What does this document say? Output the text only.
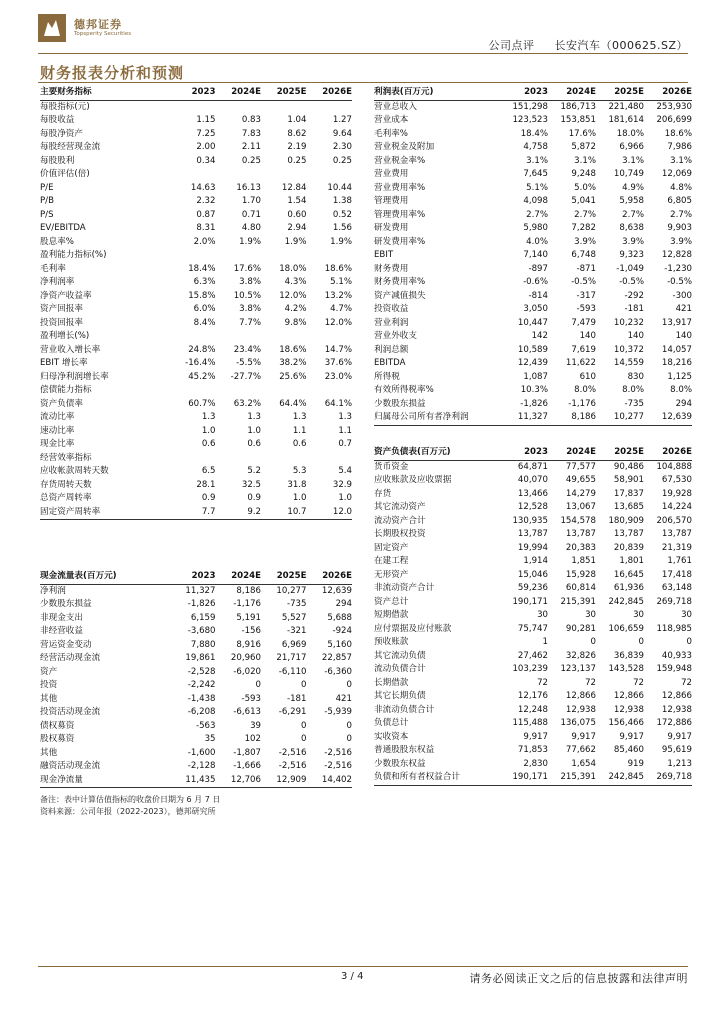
德邦证券
Topsperity Securities
公司点评 长安汽车（000625.SZ）
财务报表分析和预测
主要财务指标	2023	2024E	2025E	2026E
每股指标(元)
每股收益	1.15	0.83	1.04	1.27
每股净资产	7.25	7.83	8.62	9.64
每股经营现金流	2.00	2.11	2.19	2.30
每股股利	0.34	0.25	0.25	0.25
价值评估(倍)
P/E	14.63	16.13	12.84	10.44
P/B	2.32	1.70	1.54	1.38
P/S	0.87	0.71	0.60	0.52
EV/EBITDA	8.31	4.80	2.94	1.56
股息率%	2.0%	1.9%	1.9%	1.9%
盈利能力指标(%)
毛利率	18.4%	17.6%	18.0%	18.6%
净利润率	6.3%	3.8%	4.3%	5.1%
净资产收益率	15.8%	10.5%	12.0%	13.2%
资产回报率	6.0%	3.8%	4.2%	4.7%
投资回报率	8.4%	7.7%	9.8%	12.0%
盈利增长(%)
营业收入增长率	24.8%	23.4%	18.6%	14.7%
EBIT 增长率	-16.4%	-5.5%	38.2%	37.6%
归母净利润增长率	45.2%	-27.7%	25.6%	23.0%
偿债能力指标
资产负债率	60.7%	63.2%	64.4%	64.1%
流动比率	1.3	1.3	1.3	1.3
速动比率	1.0	1.0	1.1	1.1
现金比率	0.6	0.6	0.6	0.7
经营效率指标
应收帐款周转天数	6.5	5.2	5.3	5.4
存货周转天数	28.1	32.5	31.8	32.9
总资产周转率	0.9	0.9	1.0	1.0
固定资产周转率	7.7	9.2	10.7	12.0
现金流量表(百万元)	2023	2024E	2025E	2026E
净利润	11,327	8,186	10,277	12,639
少数股东损益	-1,826	-1,176	-735	294
非现金支出	6,159	5,191	5,527	5,688
非经营收益	-3,680	-156	-321	-924
营运资金变动	7,880	8,916	6,969	5,160
经营活动现金流	19,861	20,960	21,717	22,857
资产	-2,528	-6,020	-6,110	-6,360
投资	-2,242	0	0	0
其他	-1,438	-593	-181	421
投资活动现金流	-6,208	-6,613	-6,291	-5,939
债权募资	-563	39	0	0
股权募资	35	102	0	0
其他	-1,600	-1,807	-2,516	-2,516
融资活动现金流	-2,128	-1,666	-2,516	-2,516
现金净流量	11,435	12,706	12,909	14,402
利润表(百万元)	2023	2024E	2025E	2026E
营业总收入	151,298	186,713	221,480	253,930
营业成本	123,523	153,851	181,614	206,699
毛利率%	18.4%	17.6%	18.0%	18.6%
营业税金及附加	4,758	5,872	6,966	7,986
营业税金率%	3.1%	3.1%	3.1%	3.1%
营业费用	7,645	9,248	10,749	12,069
营业费用率%	5.1%	5.0%	4.9%	4.8%
管理费用	4,098	5,041	5,958	6,805
管理费用率%	2.7%	2.7%	2.7%	2.7%
研发费用	5,980	7,282	8,638	9,903
研发费用率%	4.0%	3.9%	3.9%	3.9%
EBIT	7,140	6,748	9,323	12,828
财务费用	-897	-871	-1,049	-1,230
财务费用率%	-0.6%	-0.5%	-0.5%	-0.5%
资产减值损失	-814	-317	-292	-300
投资收益	3,050	-593	-181	421
营业利润	10,447	7,479	10,232	13,917
营业外收支	142	140	140	140
利润总额	10,589	7,619	10,372	14,057
EBITDA	12,439	11,622	14,559	18,216
所得税	1,087	610	830	1,125
有效所得税率%	10.3%	8.0%	8.0%	8.0%
少数股东损益	-1,826	-1,176	-735	294
归属母公司所有者净利润	11,327	8,186	10,277	12,639
资产负债表(百万元)	2023	2024E	2025E	2026E
货币资金	64,871	77,577	90,486	104,888
应收账款及应收票据	40,070	49,655	58,901	67,530
存货	13,466	14,279	17,837	19,928
其它流动资产	12,528	13,067	13,685	14,224
流动资产合计	130,935	154,578	180,909	206,570
长期股权投资	13,787	13,787	13,787	13,787
固定资产	19,994	20,383	20,839	21,319
在建工程	1,914	1,851	1,801	1,761
无形资产	15,046	15,928	16,645	17,418
非流动资产合计	59,236	60,814	61,936	63,148
资产总计	190,171	215,391	242,845	269,718
短期借款	30	30	30	30
应付票据及应付账款	75,747	90,281	106,659	118,985
预收账款	1	0	0	0
其它流动负债	27,462	32,826	36,839	40,933
流动负债合计	103,239	123,137	143,528	159,948
长期借款	72	72	72	72
其它长期负债	12,176	12,866	12,866	12,866
非流动负债合计	12,248	12,938	12,938	12,938
负债总计	115,488	136,075	156,466	172,886
实收资本	9,917	9,917	9,917	9,917
普通股股东权益	71,853	77,662	85,460	95,619
少数股东权益	2,830	1,654	919	1,213
负债和所有者权益合计	190,171	215,391	242,845	269,718
备注：表中计算估值指标的收盘价日期为 6 月 7 日
资料来源：公司年报（2022-2023），德邦研究所
3 / 4	请务必阅读正文之后的信息披露和法律声明
